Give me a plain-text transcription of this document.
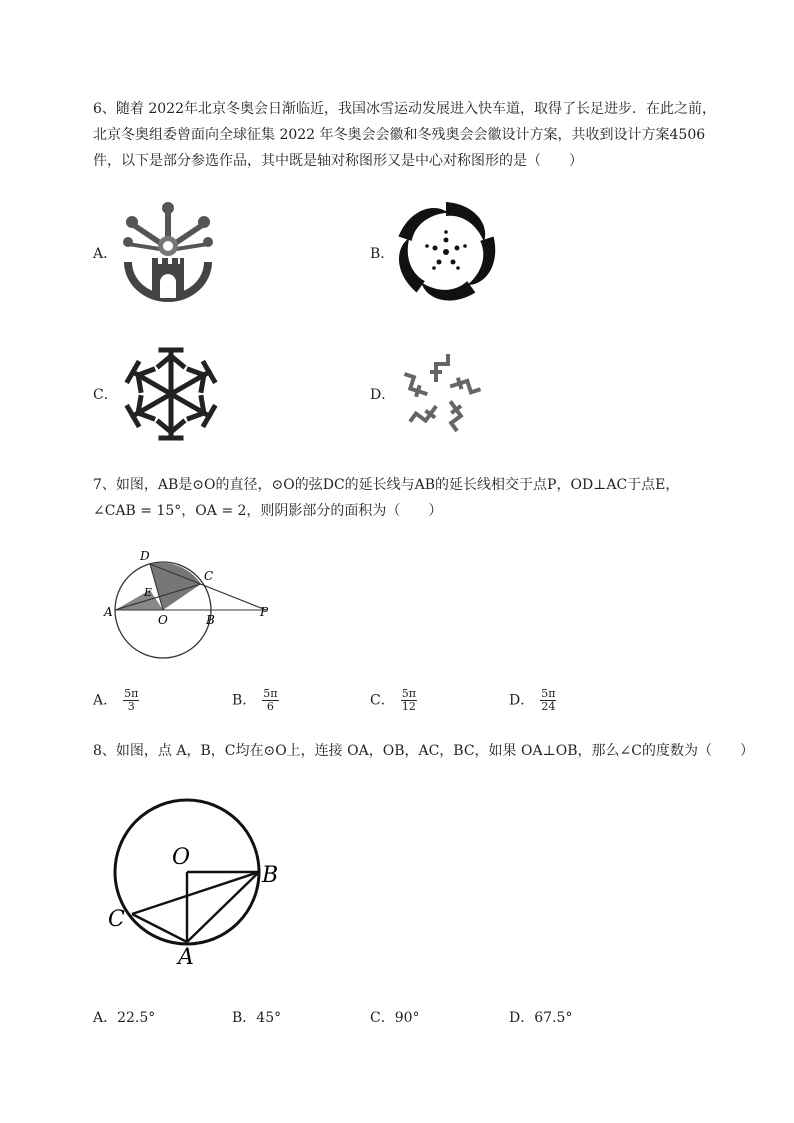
6、随着 2022年北京冬奥会日渐临近，我国冰雪运动发展进入快车道，取得了长足进步．在此之前，
北京冬奥组委曾面向全球征集 2022 年冬奥会会徽和冬残奥会会徽设计方案，共收到设计方案4506
件，以下是部分参选作品，其中既是轴对称图形又是中心对称图形的是（　　）
A．	B．
C．	D．
7、如图，AB是⊙O的直径，⊙O的弦DC的延长线与AB的延长线相交于点P，OD⊥AC于点E，
∠CAB = 15°，OA = 2，则阴影部分的面积为（　　）
A
B
C
D
E
O
P
A． $\frac{5\pi}{3}$	B． $\frac{5\pi}{6}$	C． $\frac{5\pi}{12}$	D． $\frac{5\pi}{24}$
8、如图，点 A，B，C均在⊙O上，连接 OA，OB，AC，BC，如果 OA⊥OB，那么∠C的度数为（　　）
O
B
C
A
A．22.5°	B．45°	C．90°	D．67.5°
